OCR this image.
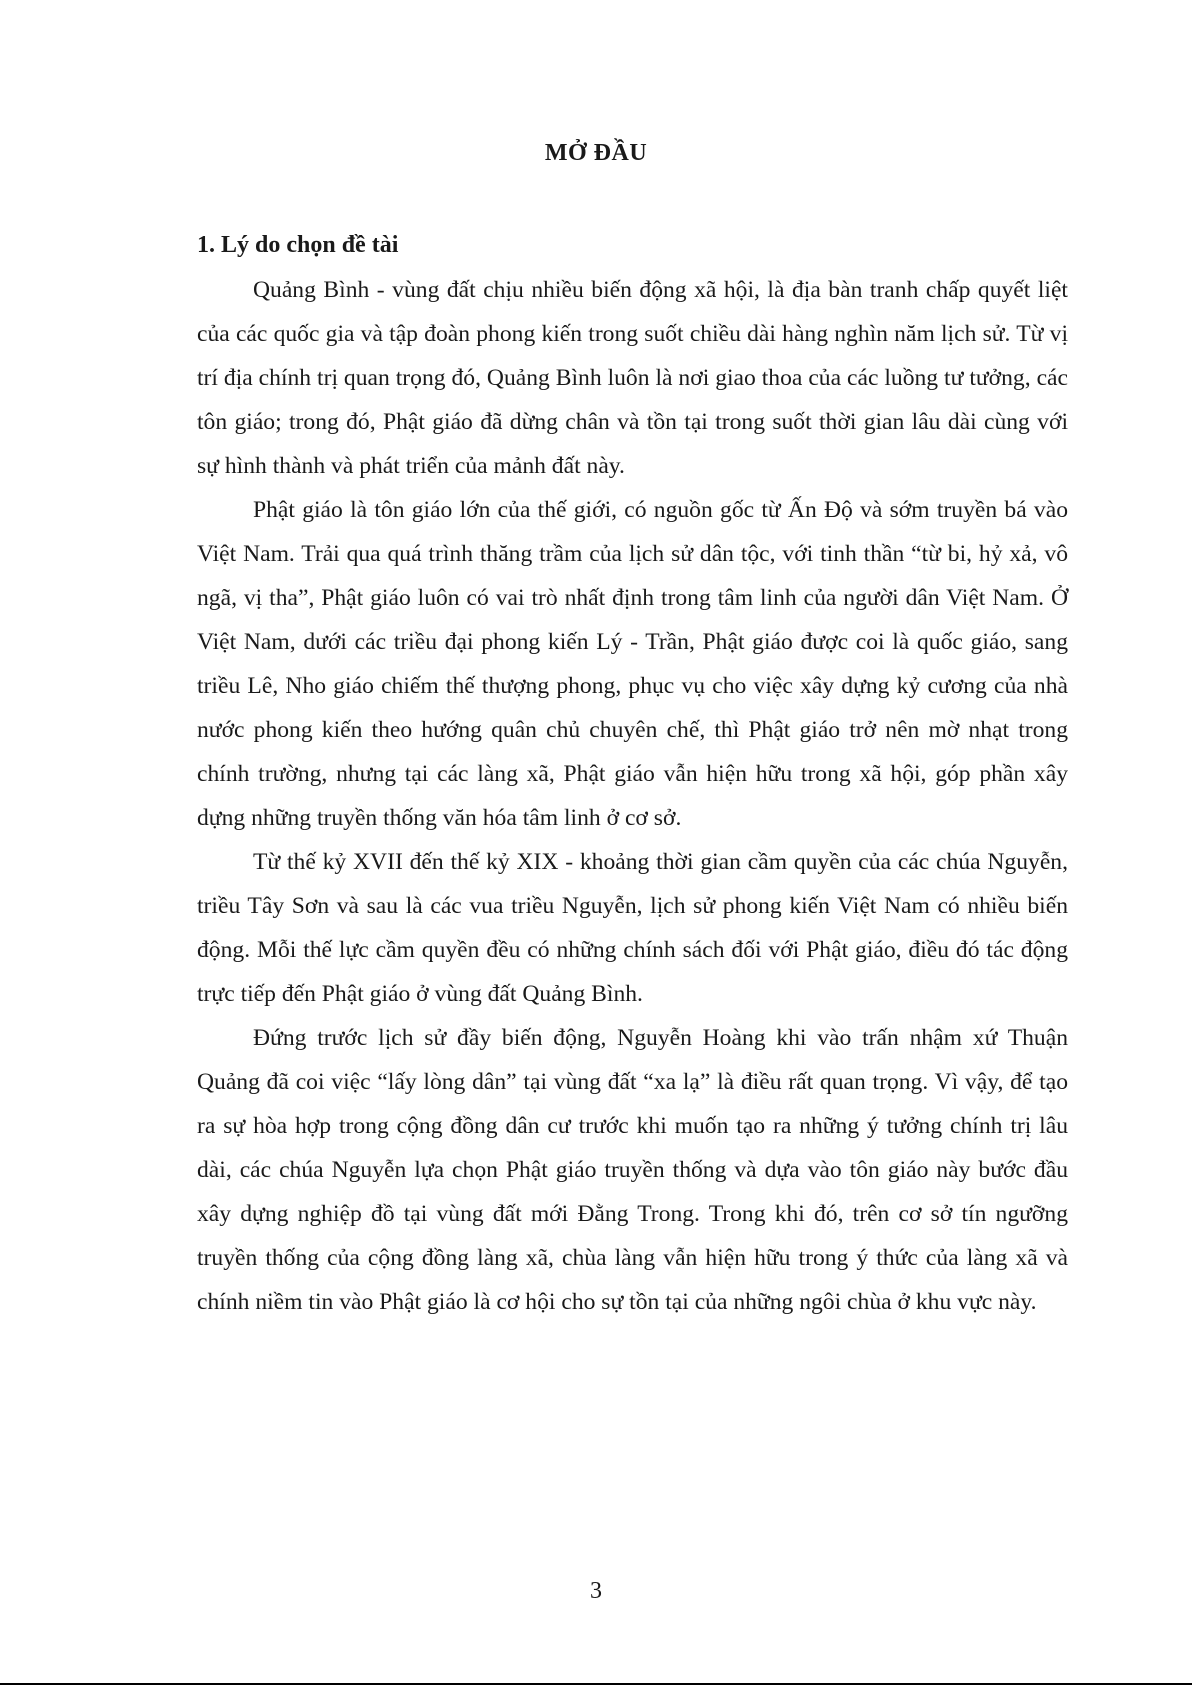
MỞ ĐẦU
1. Lý do chọn đề tài

Quảng Bình - vùng đất chịu nhiều biến động xã hội, là địa bàn tranh chấp quyết liệt của các quốc gia và tập đoàn phong kiến trong suốt chiều dài hàng nghìn năm lịch sử. Từ vị trí địa chính trị quan trọng đó, Quảng Bình luôn là nơi giao thoa của các luồng tư tưởng, các tôn giáo; trong đó, Phật giáo đã dừng chân và tồn tại trong suốt thời gian lâu dài cùng với sự hình thành và phát triển của mảnh đất này.

Phật giáo là tôn giáo lớn của thế giới, có nguồn gốc từ Ấn Độ và sớm truyền bá vào Việt Nam. Trải qua quá trình thăng trầm của lịch sử dân tộc, với tinh thần “từ bi, hỷ xả, vô ngã, vị tha”, Phật giáo luôn có vai trò nhất định trong tâm linh của người dân Việt Nam. Ở Việt Nam, dưới các triều đại phong kiến Lý - Trần, Phật giáo được coi là quốc giáo, sang triều Lê, Nho giáo chiếm thế thượng phong, phục vụ cho việc xây dựng kỷ cương của nhà nước phong kiến theo hướng quân chủ chuyên chế, thì Phật giáo trở nên mờ nhạt trong chính trường, nhưng tại các làng xã, Phật giáo vẫn hiện hữu trong xã hội, góp phần xây dựng những truyền thống văn hóa tâm linh ở cơ sở.

Từ thế kỷ XVII đến thế kỷ XIX - khoảng thời gian cầm quyền của các chúa Nguyễn, triều Tây Sơn và sau là các vua triều Nguyễn, lịch sử phong kiến Việt Nam có nhiều biến động. Mỗi thế lực cầm quyền đều có những chính sách đối với Phật giáo, điều đó tác động trực tiếp đến Phật giáo ở vùng đất Quảng Bình.

Đứng trước lịch sử đầy biến động, Nguyễn Hoàng khi vào trấn nhậm xứ Thuận Quảng đã coi việc “lấy lòng dân” tại vùng đất “xa lạ” là điều rất quan trọng. Vì vậy, để tạo ra sự hòa hợp trong cộng đồng dân cư trước khi muốn tạo ra những ý tưởng chính trị lâu dài, các chúa Nguyễn lựa chọn Phật giáo truyền thống và dựa vào tôn giáo này bước đầu xây dựng nghiệp đồ tại vùng đất mới Đằng Trong. Trong khi đó, trên cơ sở tín ngưỡng truyền thống của cộng đồng làng xã, chùa làng vẫn hiện hữu trong ý thức của làng xã và chính niềm tin vào Phật giáo là cơ hội cho sự tồn tại của những ngôi chùa ở khu vực này.

3
